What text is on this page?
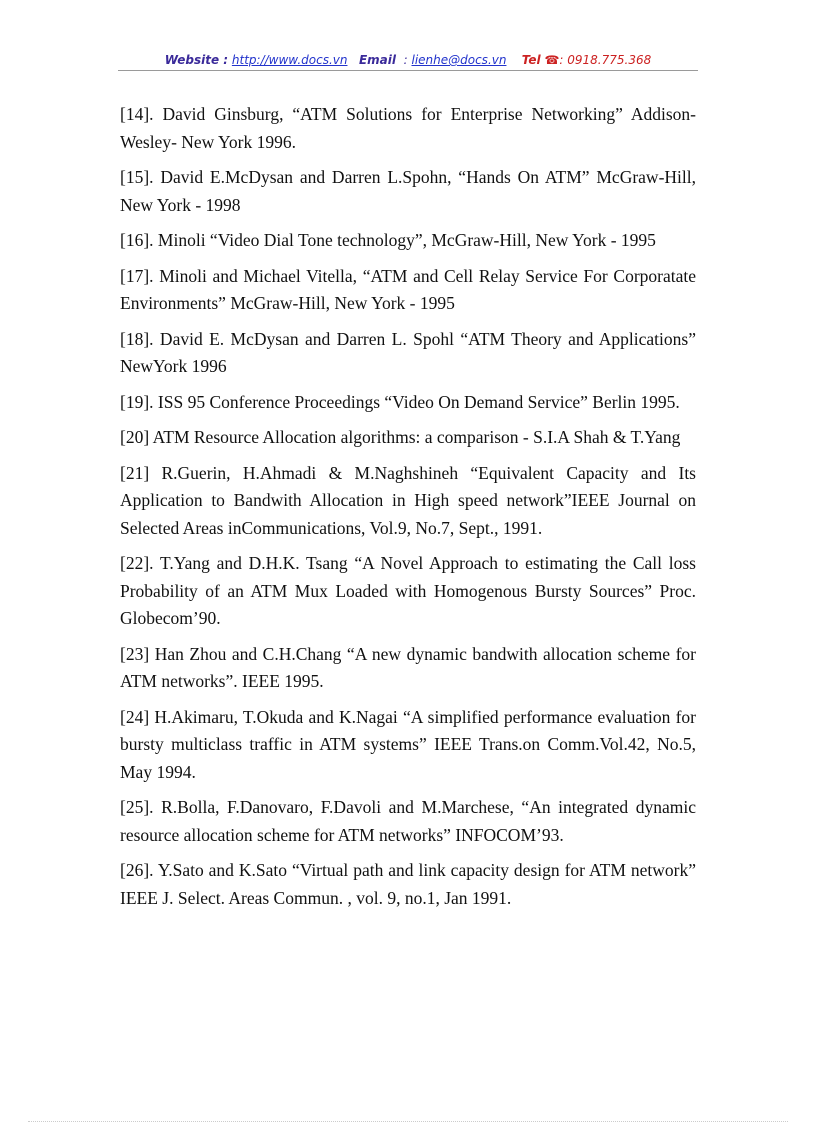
Website : http://www.docs.vn Email : lienhe@docs.vn Tel ☎: 0918.775.368

[14]. David Ginsburg, “ATM Solutions for Enterprise Networking” Addison- Wesley- New York 1996.

[15]. David E.McDysan and Darren L.Spohn, “Hands On ATM” McGraw-Hill, New York - 1998

[16]. Minoli “Video Dial Tone technology”, McGraw-Hill, New York - 1995

[17]. Minoli and Michael Vitella, “ATM and Cell Relay Service For Corporatate Environments” McGraw-Hill, New York - 1995

[18]. David E. McDysan and Darren L. Spohl “ATM Theory and Applications” NewYork 1996

[19]. ISS 95 Conference Proceedings “Video On Demand Service” Berlin 1995.

[20] ATM Resource Allocation algorithms: a comparison - S.I.A Shah & T.Yang

[21] R.Guerin, H.Ahmadi & M.Naghshineh “Equivalent Capacity and Its Application to Bandwith Allocation in High speed network”IEEE Journal on Selected Areas inCommunications, Vol.9, No.7, Sept., 1991.

[22]. T.Yang and D.H.K. Tsang “A Novel Approach to estimating the Call loss Probability of an ATM Mux Loaded with Homogenous Bursty Sources” Proc. Globecom’90.

[23] Han Zhou and C.H.Chang “A new dynamic bandwith allocation scheme for ATM networks”. IEEE 1995.

[24] H.Akimaru, T.Okuda and K.Nagai “A simplified performance evaluation for bursty multiclass traffic in ATM systems” IEEE Trans.on Comm.Vol.42, No.5, May 1994.

[25]. R.Bolla, F.Danovaro, F.Davoli and M.Marchese, “An integrated dynamic resource allocation scheme for ATM networks” INFOCOM’93.

[26]. Y.Sato and K.Sato “Virtual path and link capacity design for ATM network” IEEE J. Select. Areas Commun. , vol. 9, no.1, Jan 1991.
